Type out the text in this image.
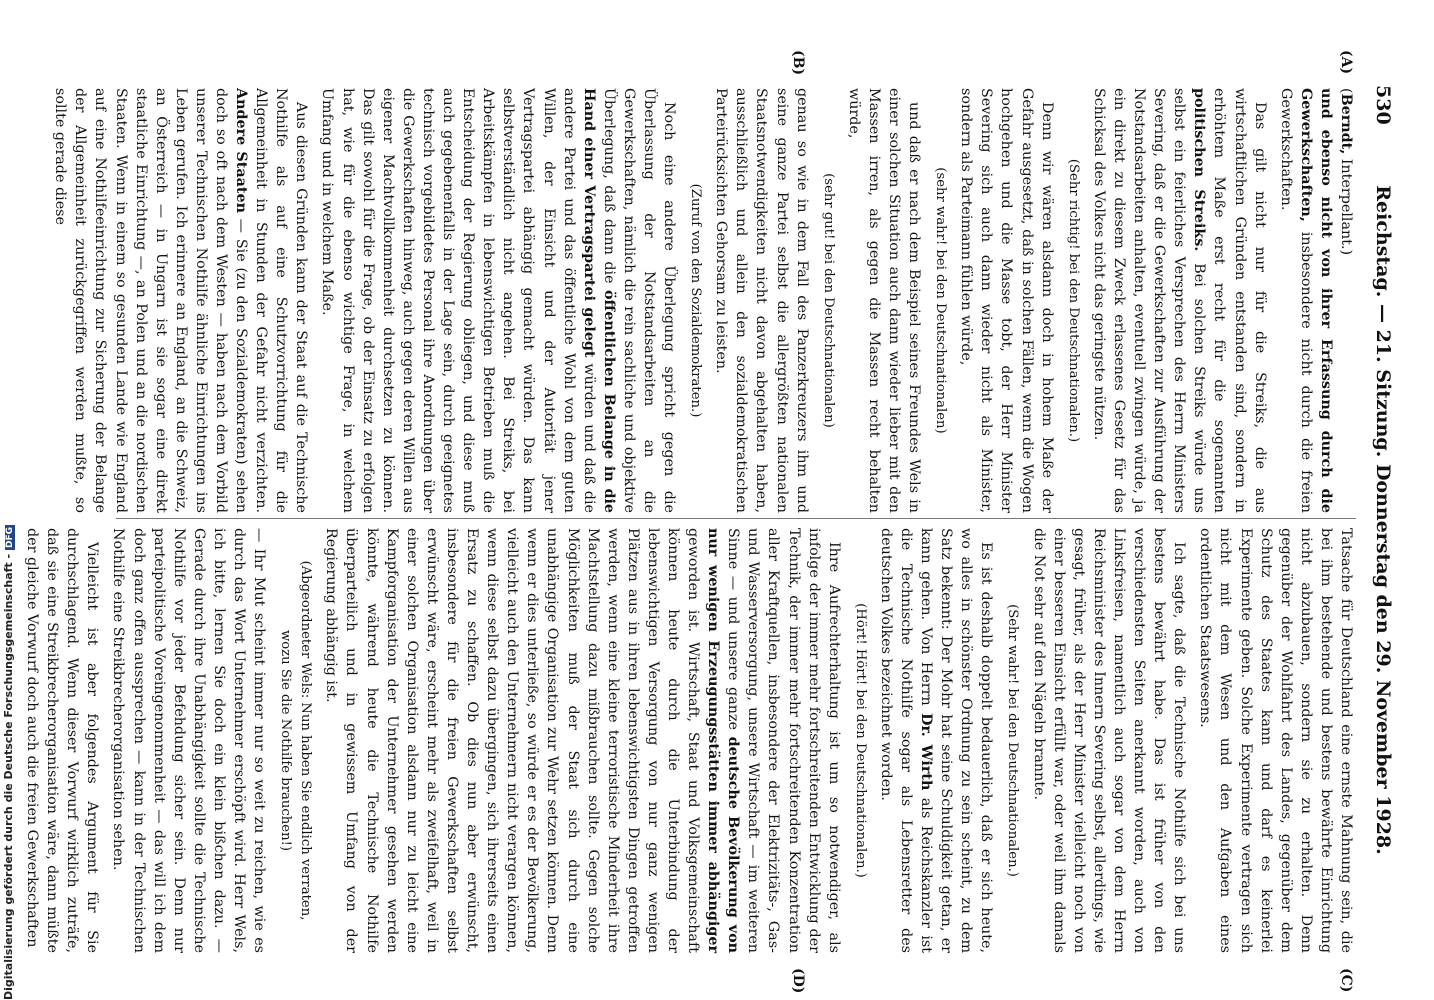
530
Reichstag. — 21. Sitzung. Donnerstag den 29. November 1928.
(A)
(B)
(C)
(D)

(Berndt, Interpellant.)
und ebenso nicht von ihrer Erfassung durch die Gewerkschaften, insbesondere nicht durch die freien Gewerkschaften.

Das gilt nicht nur für die Streiks, die aus wirtschaftlichen Gründen entstanden sind, sondern in erhöhtem Maße erst recht für die sogenannten politischen Streiks. Bei solchen Streiks würde uns selbst ein feierliches Versprechen des Herrn Ministers Severing, daß er die Gewerkschaften zur Ausführung der Notstandsarbeiten anhalten, eventuell zwingen würde, ja ein direkt zu diesem Zweck erlassenes Gesetz für das Schicksal des Volkes nicht das geringste nützen.

(Sehr richtig! bei den Deutschnationalen.)

Denn wir wären alsdann doch in hohem Maße der Gefahr ausgesetzt, daß in solchen Fällen, wenn die Wogen hochgehen und die Masse tobt, der Herr Minister Severing sich auch dann wieder nicht als Minister, sondern als Parteimann fühlen würde,

(sehr wahr! bei den Deutschnationalen)

und daß er nach dem Beispiel seines Freundes Wels in einer solchen Situation auch dann wieder lieber mit den Massen irren, als gegen die Massen recht behalten würde,

(sehr gut! bei den Deutschnationalen)

genau so wie in dem Fall des Panzerkreuzers ihm und seine ganze Partei selbst die allergrößten nationalen Staatsnotwendigkeiten nicht davon abgehalten haben, ausschließlich und allein den sozialdemokratischen Parteirücksichten Gehorsam zu leisten.

(Zuruf von den Sozialdemokraten.)

Noch eine andere Überlegung spricht gegen die Überlassung der Notstandsarbeiten an die Gewerkschaften, nämlich die rein sachliche und objektive Überlegung, daß dann die öffentlichen Belange in die Hand einer Vertragspartei gelegt würden und daß die andere Partei und das öffentliche Wohl von dem guten Willen, der Einsicht und der Autorität jener Vertragspartei abhängig gemacht würden. Das kann selbstverständlich nicht angehen. Bei Streiks, bei Arbeitskämpfen in lebenswichtigen Betrieben muß die Entscheidung der Regierung obliegen, und diese muß auch gegebenenfalls in der Lage sein, durch geeignetes technisch vorgebildetes Personal ihre Anordnungen über die Gewerkschaften hinweg, auch gegen deren Willen aus eigener Machtvollkommenheit durchsetzen zu können. Das gilt sowohl für die Frage, ob der Einsatz zu erfolgen hat, wie für die ebenso wichtige Frage, in welchem Umfang und in welchem Maße.

Aus diesen Gründen kann der Staat auf die Technische Nothilfe als auf eine Schutzvorrichtung für die Allgemeinheit in Stunden der Gefahr nicht verzichten. Andere Staaten — Sie (zu den Sozialdemokraten) sehen doch so oft nach dem Westen — haben nach dem Vorbild unserer Technischen Nothilfe ähnliche Einrichtungen ins Leben gerufen. Ich erinnere an England, an die Schweiz, an Österreich — in Ungarn ist sie sogar eine direkt staatliche Einrichtung —, an Polen und an die nordischen Staaten. Wenn in einem so gesunden Lande wie England auf eine Nothilfeeinrichtung zur Sicherung der Belange der Allgemeinheit zurückgegriffen werden mußte, so sollte gerade diese

Tatsache für Deutschland eine ernste Mahnung sein, die bei ihm bestehende und bestens bewährte Einrichtung nicht abzubauen, sondern sie zu erhalten. Denn gegenüber der Wohlfahrt des Landes, gegenüber dem Schutz des Staates kann und darf es keinerlei Experimente geben. Solche Experimente vertragen sich nicht mit dem Wesen und den Aufgaben eines ordentlichen Staatswesens.

Ich sagte, daß die Technische Nothilfe sich bei uns bestens bewährt habe. Das ist früher von den verschiedensten Seiten anerkannt worden, auch von Linksfreisen, namentlich auch sogar von dem Herrn Reichsminister des Innern Severing selbst, allerdings, wie gesagt, früher, als der Herr Minister vielleicht noch von einer besseren Einsicht erfüllt war, oder weil ihm damals die Not sehr auf den Nägeln brannte.

(Sehr wahr! bei den Deutschnationalen.)

Es ist deshalb doppelt bedauerlich, daß er sich heute, wo alles in schönster Ordnung zu sein scheint, zu dem Satz bekennt: Der Mohr hat seine Schuldigkeit getan, er kann gehen. Von Herrn Dr. Wirth als Reichskanzler ist die Technische Nothilfe sogar als Lebensretter des deutschen Volkes bezeichnet worden.

(Hört! Hört! bei den Deutschnationalen.)

Ihre Aufrechterhaltung ist um so notwendiger, als infolge der immer mehr fortschreitenden Entwicklung der Technik, der immer mehr fortschreitenden Konzentration aller Kraftquellen, insbesondere der Elektrizitäts-, Gas- und Wasserversorgung, unsere Wirtschaft — im weiteren Sinne — und unsere ganze deutsche Bevölkerung von nur wenigen Erzeugungsstätten immer abhängiger geworden ist. Wirtschaft, Staat und Volksgemeinschaft können heute durch die Unterbindung der lebenswichtigen Versorgung von nur ganz wenigen Plätzen aus in ihren lebenswichtigsten Dingen getroffen werden, wenn eine kleine terroristische Minderheit ihre Machtstellung dazu mißbrauchen sollte. Gegen solche Möglichkeiten muß der Staat sich durch eine unabhängige Organisation zur Wehr setzen können. Denn wenn er dies unterließe, so würde er es der Bevölkerung, vielleicht auch den Unternehmern nicht verargen können, wenn diese selbst dazu übergingen, sich ihrerseits einen Ersatz zu schaffen. Ob dies nun aber erwünscht, insbesondere für die freien Gewerkschaften selbst erwünscht wäre, erscheint mehr als zweifelhaft, weil in einer solchen Organisation alsdann nur zu leicht eine Kampforganisation der Unternehmer gesehen werden könnte, während heute die Technische Nothilfe überparteilich und in gewissem Umfang von der Regierung abhängig ist.

(Abgeordneter Wels: Nun haben Sie endlich verraten, wozu Sie die Nothilfe brauchen!)

— Ihr Mut scheint immer nur so weit zu reichen, wie es durch das Wort Unternehmer erschöpft wird. Herr Wels, ich bitte, lernen Sie doch ein klein bißchen dazu. — Gerade durch ihre Unabhängigkeit sollte die Technische Nothilfe vor jeder Befehdung sicher sein. Denn nur parteipolitische Voreingenommenheit — das will ich dem doch ganz offen aussprechen — kann in der Technischen Nothilfe eine Streikbrecherorganisation sehen.

Vielleicht ist aber folgendes Argument für Sie durchschlagend. Wenn dieser Vorwurf wirklich zuträfe, daß sie eine Streikbrecherorganisation wäre, dann müßte der gleiche Vorwurf doch auch die freien Gewerkschaften

Digitalisierung gefördert durch die Deutsche Forschungsgemeinschaft -DFG
